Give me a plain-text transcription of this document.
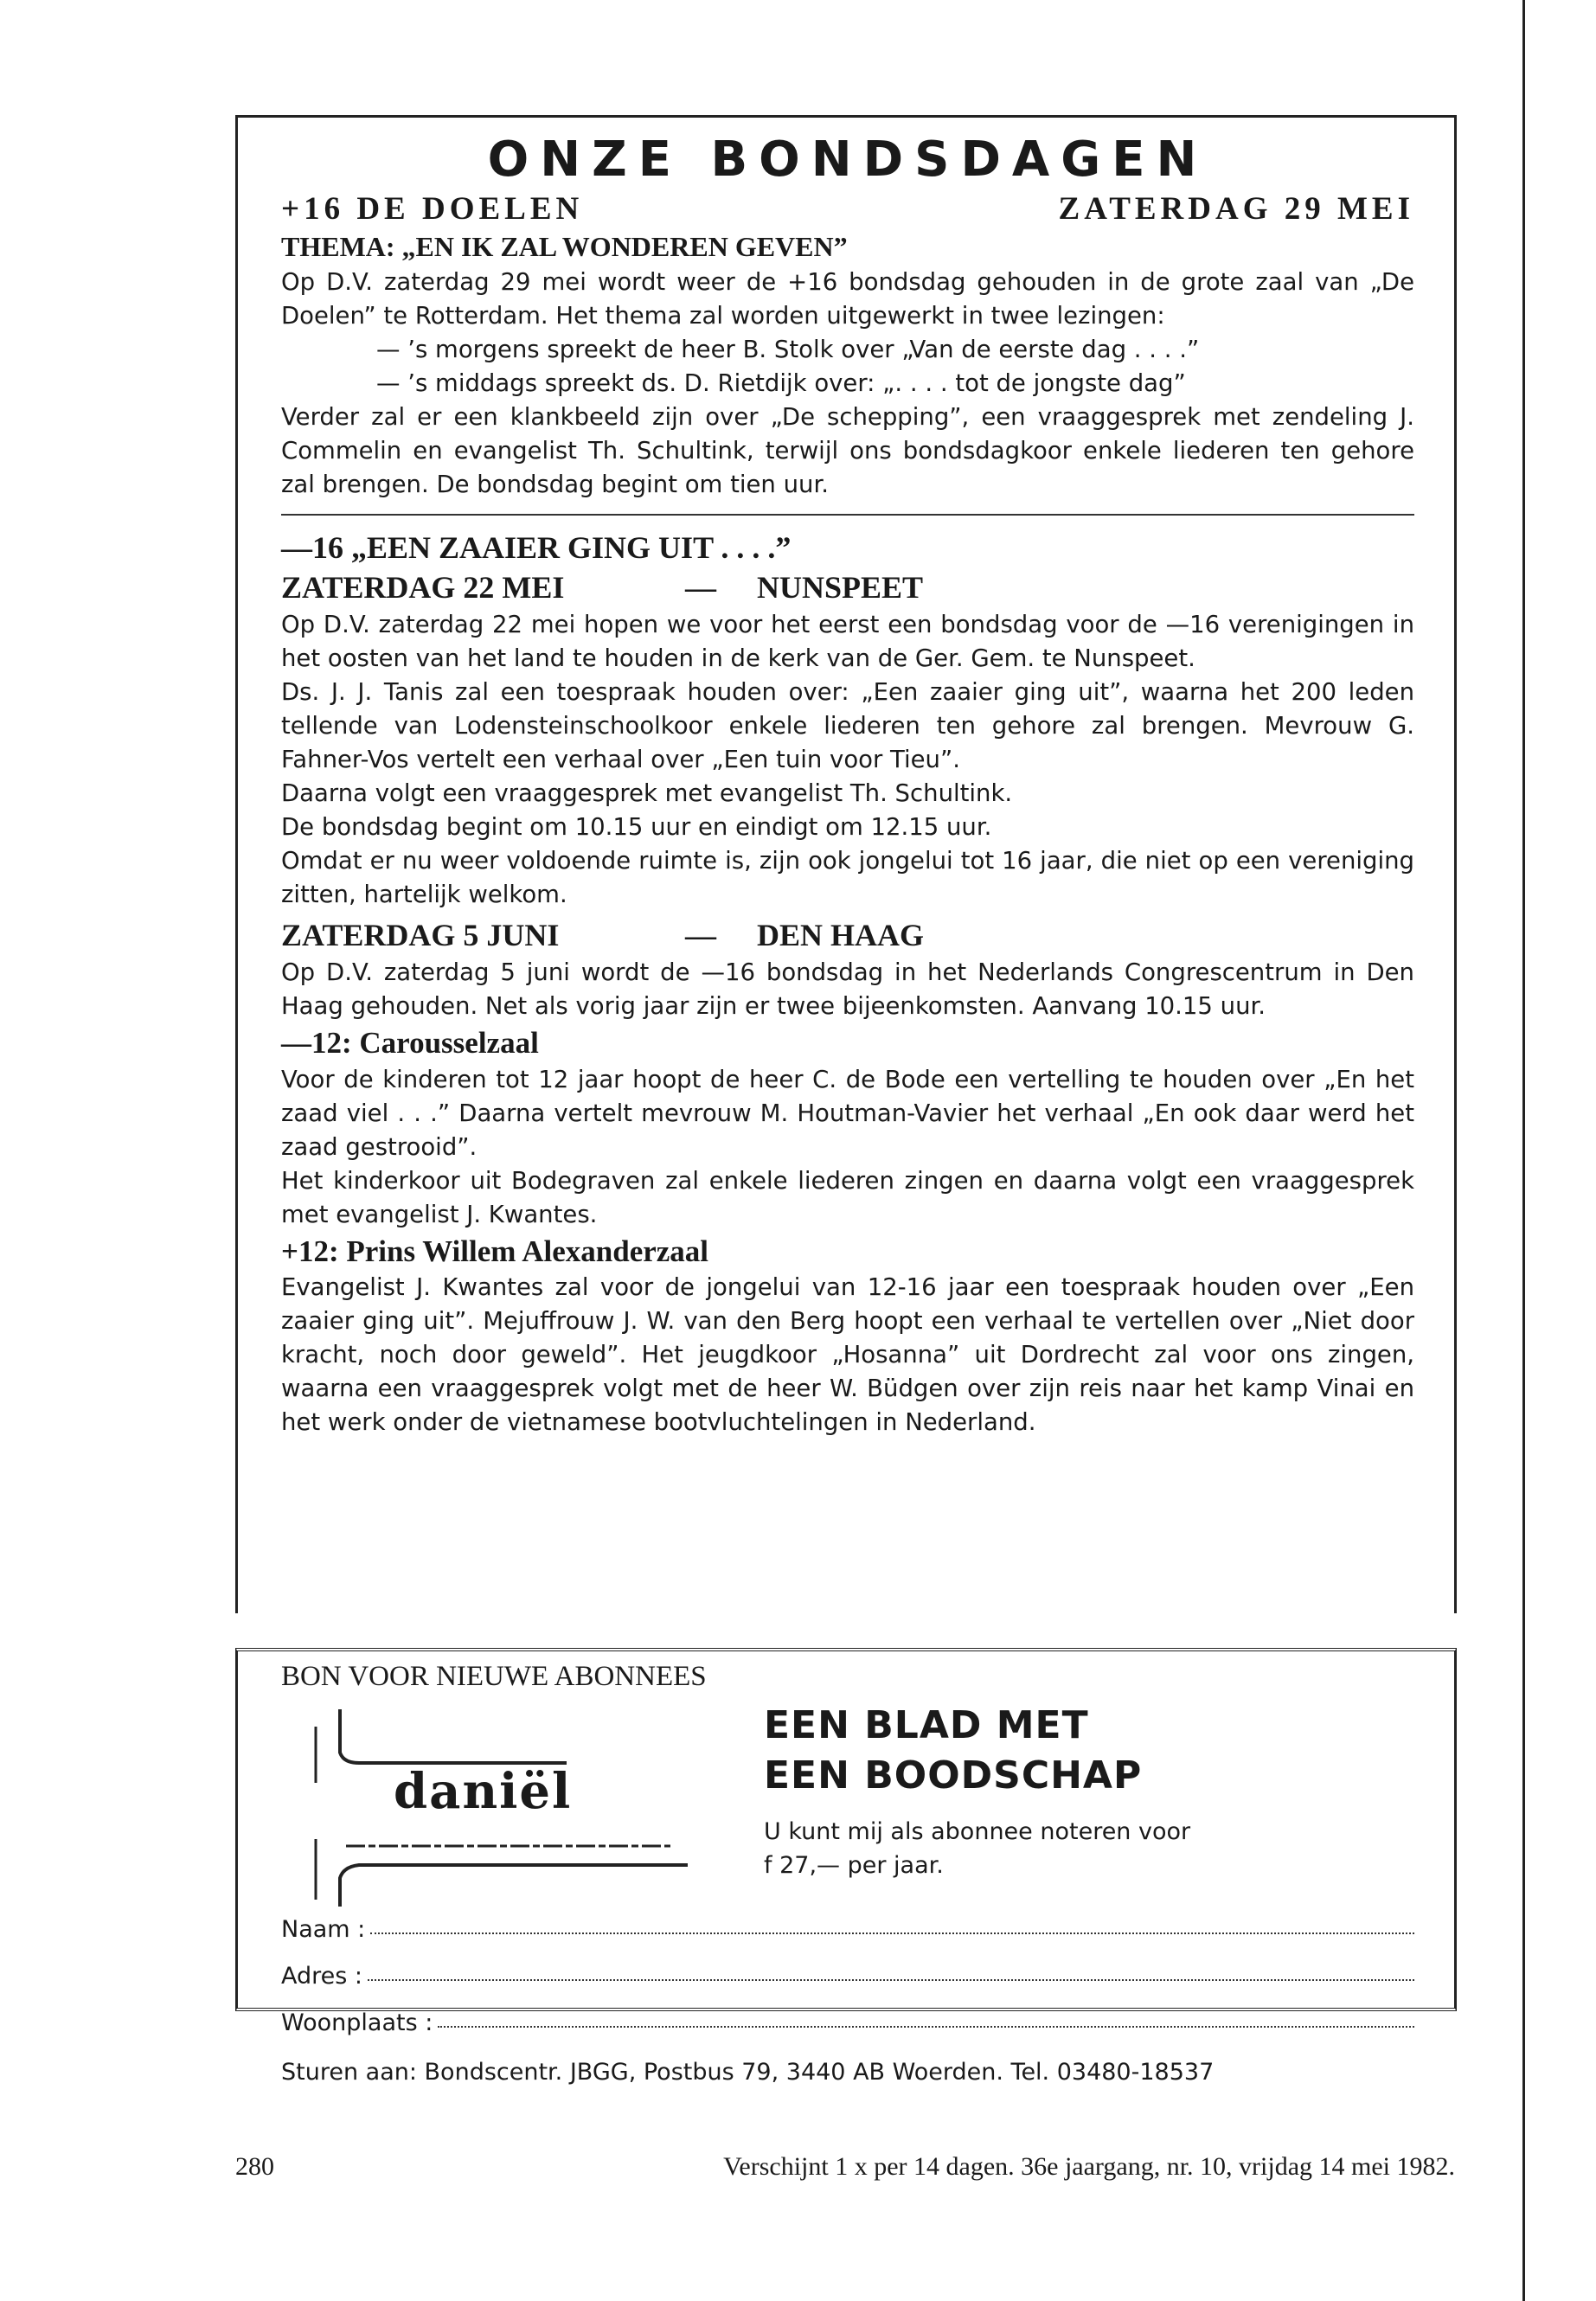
ONZE BONDSDAGEN
+16 DE DOELEN	ZATERDAG 29 MEI
THEMA: „EN IK ZAL WONDEREN GEVEN”

Op D.V. zaterdag 29 mei wordt weer de +16 bondsdag gehouden in de grote zaal van „De Doelen” te Rotterdam. Het thema zal worden uitgewerkt in twee lezingen:

— ’s morgens spreekt de heer B. Stolk over „Van de eerste dag . . . .”

— ’s middags spreekt ds. D. Rietdijk over: „. . . . tot de jongste dag”

Verder zal er een klankbeeld zijn over „De schepping”, een vraaggesprek met zendeling J. Commelin en evangelist Th. Schultink, terwijl ons bondsdagkoor enkele liederen ten gehore zal brengen. De bondsdag begint om tien uur.

—16 „EEN ZAAIER GING UIT . . . .”
ZATERDAG 22 MEI	—	NUNSPEET

Op D.V. zaterdag 22 mei hopen we voor het eerst een bondsdag voor de —16 verenigingen in het oosten van het land te houden in de kerk van de Ger. Gem. te Nunspeet.

Ds. J. J. Tanis zal een toespraak houden over: „Een zaaier ging uit”, waarna het 200 leden tellende van Lodensteinschoolkoor enkele liederen ten gehore zal brengen. Mevrouw G. Fahner-Vos vertelt een verhaal over „Een tuin voor Tieu”.

Daarna volgt een vraaggesprek met evangelist Th. Schultink.

De bondsdag begint om 10.15 uur en eindigt om 12.15 uur.

Omdat er nu weer voldoende ruimte is, zijn ook jongelui tot 16 jaar, die niet op een vereniging zitten, hartelijk welkom.

ZATERDAG 5 JUNI	—	DEN HAAG

Op D.V. zaterdag 5 juni wordt de —16 bondsdag in het Nederlands Congrescentrum in Den Haag gehouden. Net als vorig jaar zijn er twee bijeenkomsten. Aanvang 10.15 uur.

—12: Carousselzaal

Voor de kinderen tot 12 jaar hoopt de heer C. de Bode een vertelling te houden over „En het zaad viel . . .” Daarna vertelt mevrouw M. Houtman-Vavier het verhaal „En ook daar werd het zaad gestrooid”.

Het kinderkoor uit Bodegraven zal enkele liederen zingen en daarna volgt een vraaggesprek met evangelist J. Kwantes.

+12: Prins Willem Alexanderzaal

Evangelist J. Kwantes zal voor de jongelui van 12-16 jaar een toespraak houden over „Een zaaier ging uit”. Mejuffrouw J. W. van den Berg hoopt een verhaal te vertellen over „Niet door kracht, noch door geweld”. Het jeugdkoor „Hosanna” uit Dordrecht zal voor ons zingen, waarna een vraaggesprek volgt met de heer W. Büdgen over zijn reis naar het kamp Vinai en het werk onder de vietnamese bootvluchtelingen in Nederland.

BON VOOR NIEUWE ABONNEES
daniël
EEN BLAD MET
EEN BOODSCHAP
U kunt mij als abonnee noteren voor
f 27,— per jaar.
Naam :
Adres :
Woonplaats :
Sturen aan: Bondscentr. JBGG, Postbus 79, 3440 AB Woerden. Tel. 03480-18537
280	Verschijnt 1 x per 14 dagen. 36e jaargang, nr. 10, vrijdag 14 mei 1982.
